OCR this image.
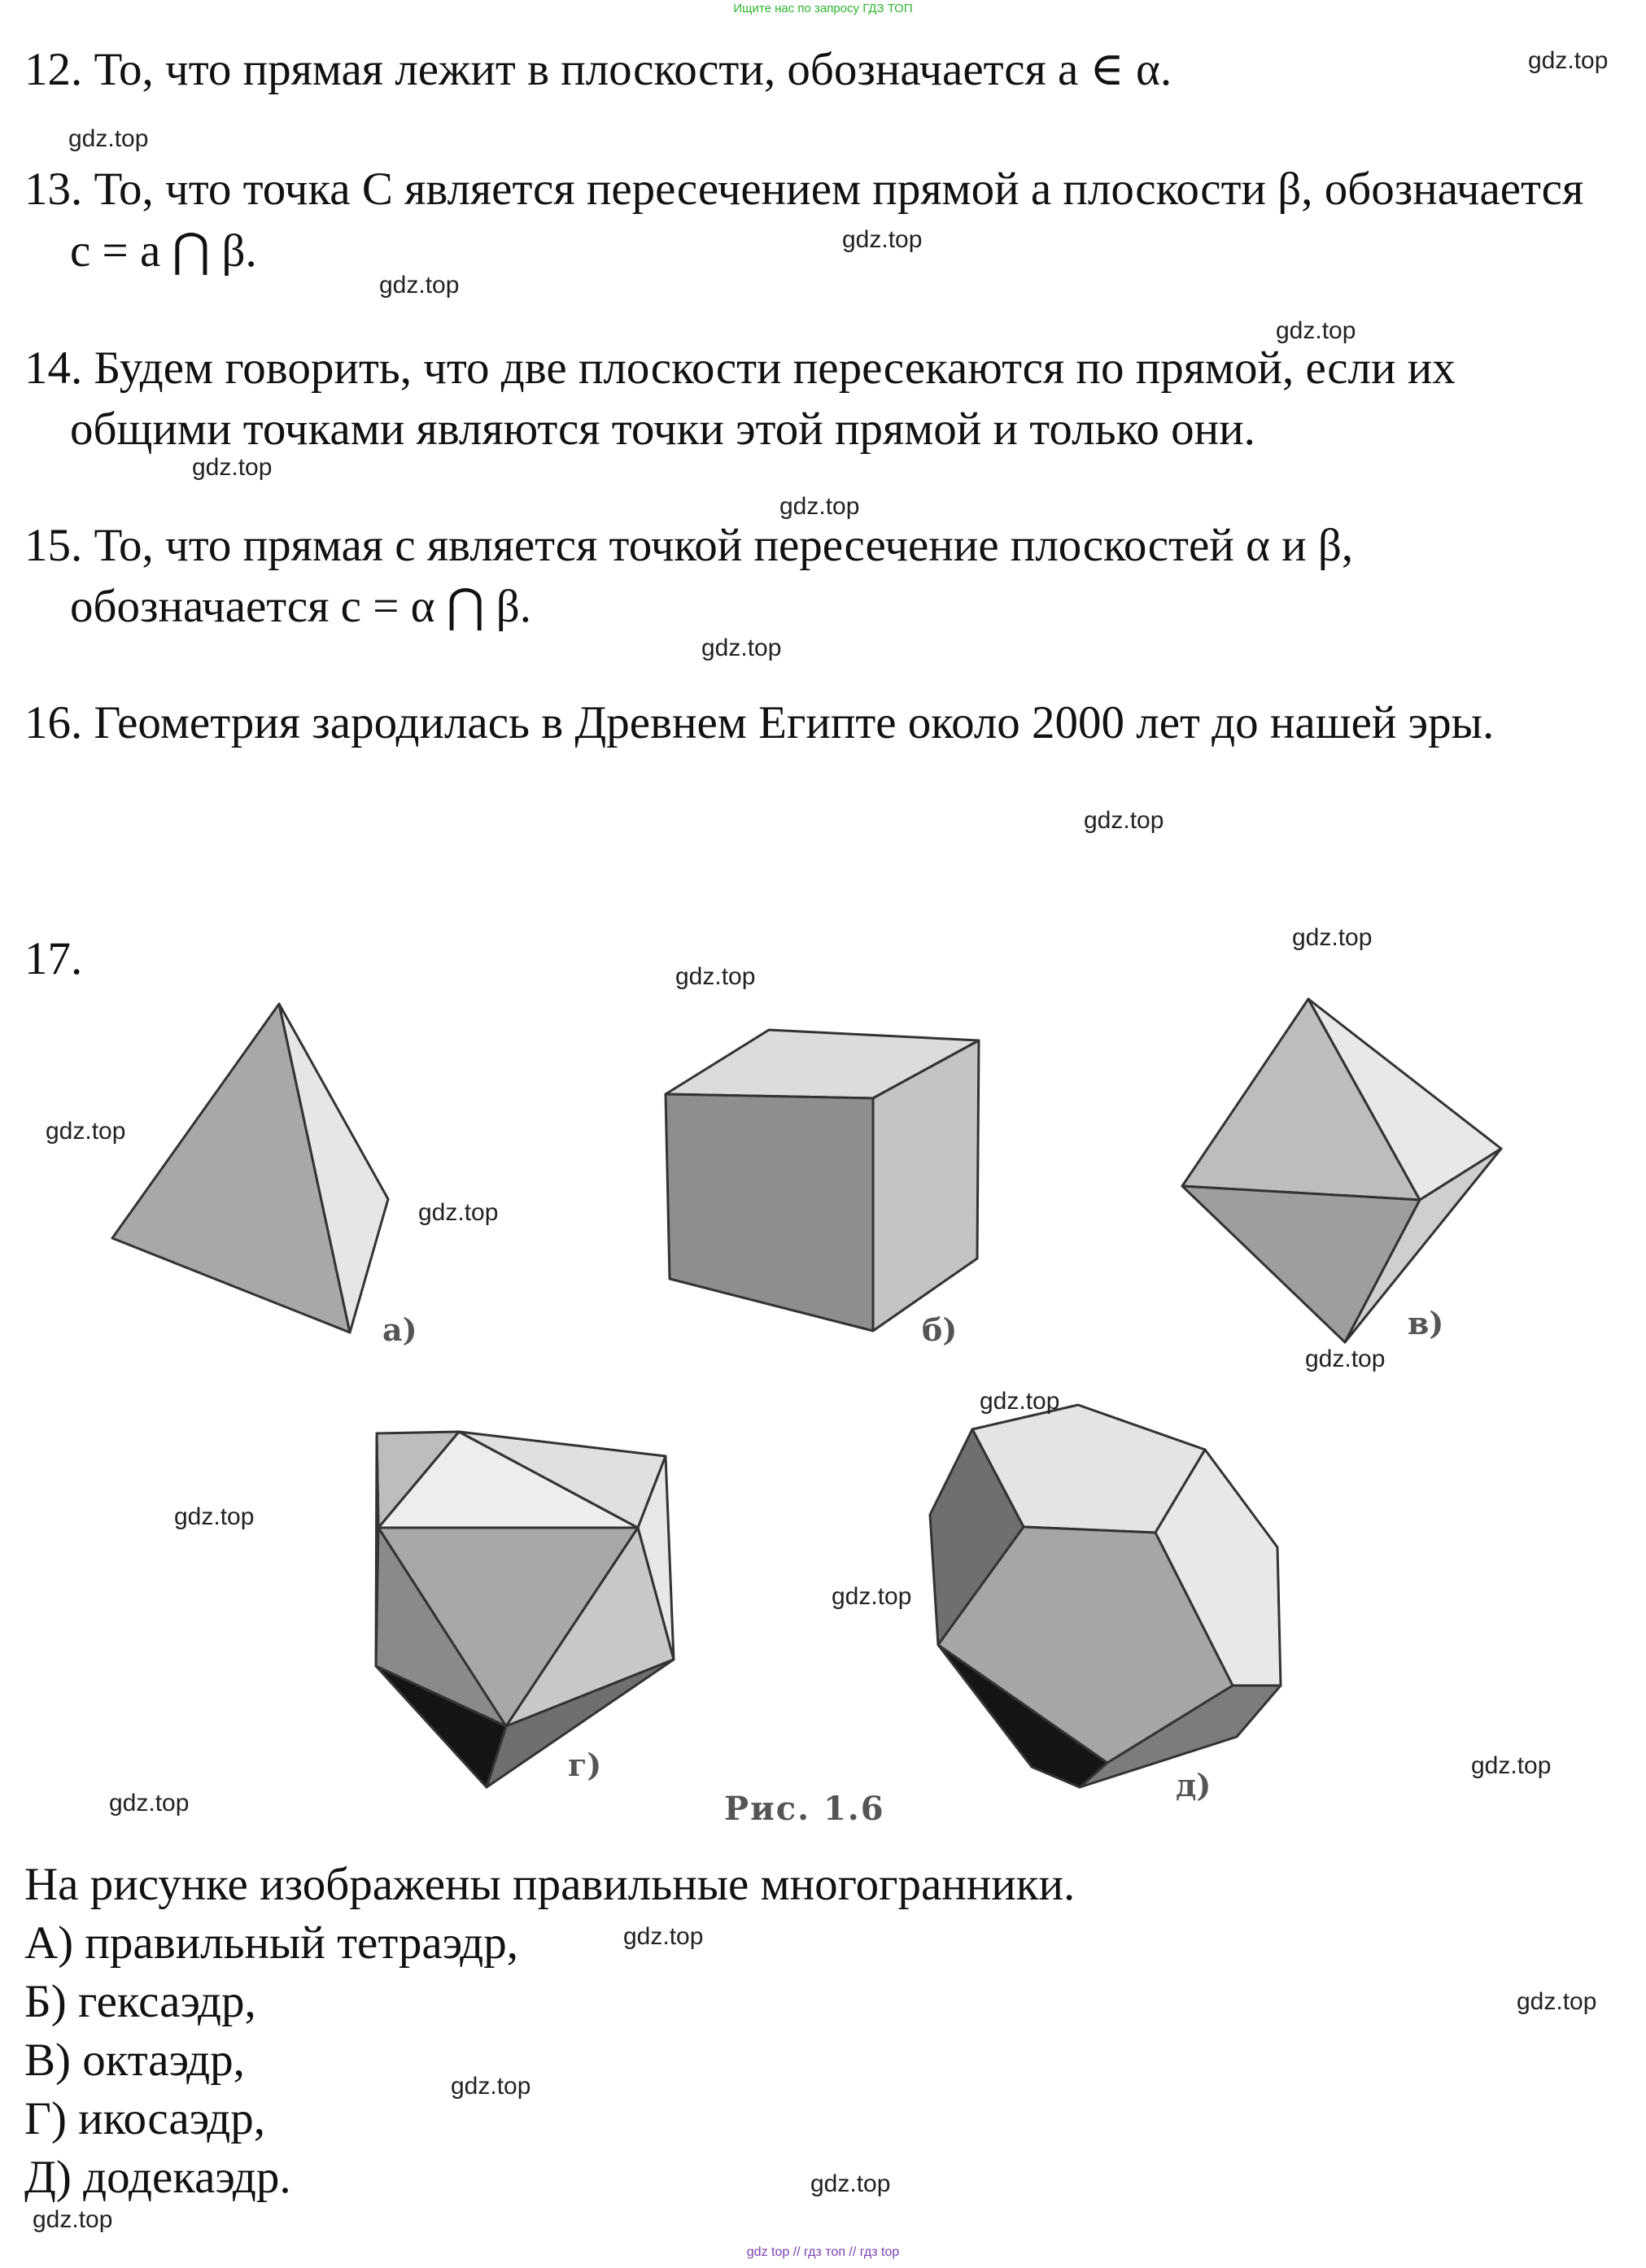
Ищите нас по запросу ГДЗ ТОП
12. То, что прямая лежит в плоскости, обозначается а ∈ α.
13. То, что точка С является пересечением прямой а плоскости β, обозначается
с = а ⋂ β.
14. Будем говорить, что две плоскости пересекаются по прямой, если их
общими точками являются точки этой прямой и только они.
15. То, что прямая с является точкой пересечение плоскостей α и β,
обозначается с = α ⋂ β.
16. Геометрия зародилась в Древнем Египте около 2000 лет до нашей эры.
17.
а)	б)	в)
г)
д)
Рис. 1.6
На рисунке изображены правильные многогранники.
А) правильный тетраэдр,
Б) гексаэдр,
В) октаэдр,
Г) икосаэдр,
Д) додекаэдр.
gdz.top
gdz.top
gdz.top
gdz.top
gdz.top
gdz.top
gdz.top
gdz.top
gdz.top
gdz.top
gdz.top
gdz.top
gdz.top
gdz.top
gdz.top
gdz.top
gdz.top
gdz.top
gdz.top
gdz.top
gdz.top
gdz.top
gdz.top
gdz.top
gdz top // гдз топ // гдз top
